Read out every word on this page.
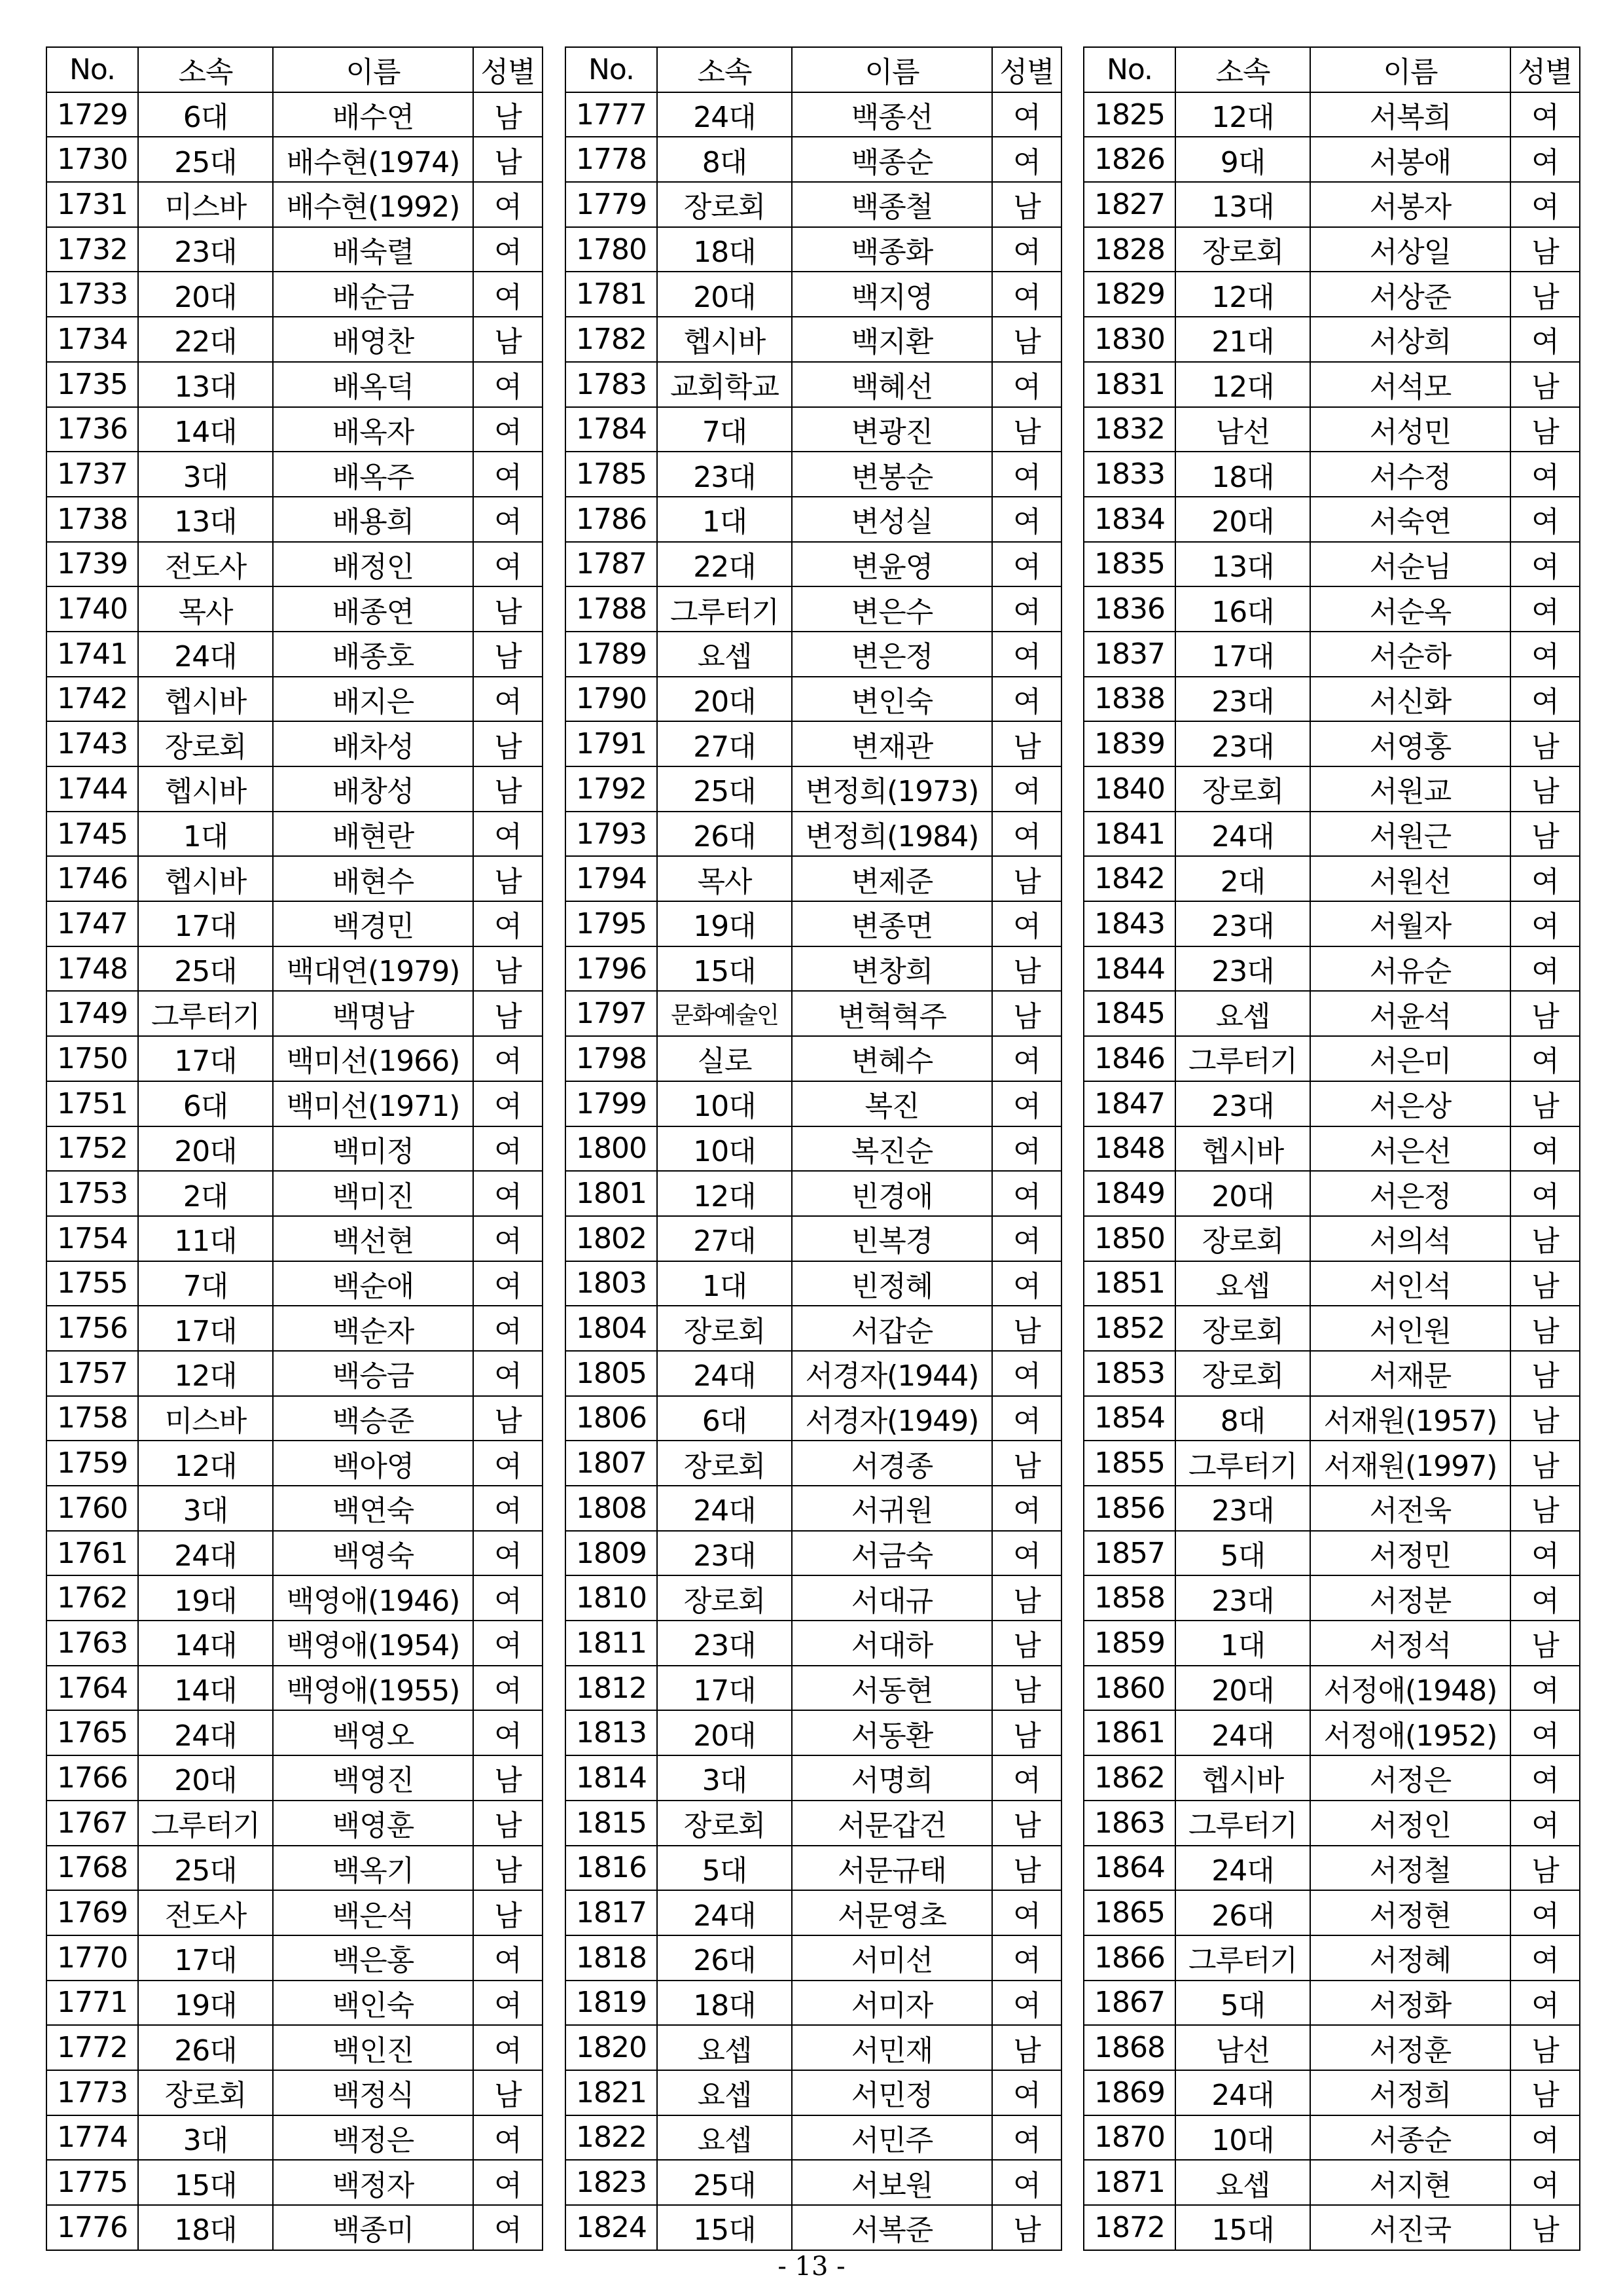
No.	소속	이름	성별
1729	6대	배수연	남
1730	25대	배수현(1974)	남
1731	미스바	배수현(1992)	여
1732	23대	배숙렬	여
1733	20대	배순금	여
1734	22대	배영찬	남
1735	13대	배옥덕	여
1736	14대	배옥자	여
1737	3대	배옥주	여
1738	13대	배용희	여
1739	전도사	배정인	여
1740	목사	배종연	남
1741	24대	배종호	남
1742	헵시바	배지은	여
1743	장로회	배차성	남
1744	헵시바	배창성	남
1745	1대	배현란	여
1746	헵시바	배현수	남
1747	17대	백경민	여
1748	25대	백대연(1979)	남
1749	그루터기	백명남	남
1750	17대	백미선(1966)	여
1751	6대	백미선(1971)	여
1752	20대	백미정	여
1753	2대	백미진	여
1754	11대	백선현	여
1755	7대	백순애	여
1756	17대	백순자	여
1757	12대	백승금	여
1758	미스바	백승준	남
1759	12대	백아영	여
1760	3대	백연숙	여
1761	24대	백영숙	여
1762	19대	백영애(1946)	여
1763	14대	백영애(1954)	여
1764	14대	백영애(1955)	여
1765	24대	백영오	여
1766	20대	백영진	남
1767	그루터기	백영훈	남
1768	25대	백옥기	남
1769	전도사	백은석	남
1770	17대	백은홍	여
1771	19대	백인숙	여
1772	26대	백인진	여
1773	장로회	백정식	남
1774	3대	백정은	여
1775	15대	백정자	여
1776	18대	백종미	여
No.	소속	이름	성별
1777	24대	백종선	여
1778	8대	백종순	여
1779	장로회	백종철	남
1780	18대	백종화	여
1781	20대	백지영	여
1782	헵시바	백지환	남
1783	교회학교	백혜선	여
1784	7대	변광진	남
1785	23대	변봉순	여
1786	1대	변성실	여
1787	22대	변윤영	여
1788	그루터기	변은수	여
1789	요셉	변은정	여
1790	20대	변인숙	여
1791	27대	변재관	남
1792	25대	변정희(1973)	여
1793	26대	변정희(1984)	여
1794	목사	변제준	남
1795	19대	변종면	여
1796	15대	변창희	남
1797	문화예술인	변혁혁주	남
1798	실로	변혜수	여
1799	10대	복진	여
1800	10대	복진순	여
1801	12대	빈경애	여
1802	27대	빈복경	여
1803	1대	빈정혜	여
1804	장로회	서갑순	남
1805	24대	서경자(1944)	여
1806	6대	서경자(1949)	여
1807	장로회	서경종	남
1808	24대	서귀원	여
1809	23대	서금숙	여
1810	장로회	서대규	남
1811	23대	서대하	남
1812	17대	서동현	남
1813	20대	서동환	남
1814	3대	서명희	여
1815	장로회	서문갑건	남
1816	5대	서문규태	남
1817	24대	서문영초	여
1818	26대	서미선	여
1819	18대	서미자	여
1820	요셉	서민재	남
1821	요셉	서민정	여
1822	요셉	서민주	여
1823	25대	서보원	여
1824	15대	서복준	남
No.	소속	이름	성별
1825	12대	서복희	여
1826	9대	서봉애	여
1827	13대	서봉자	여
1828	장로회	서상일	남
1829	12대	서상준	남
1830	21대	서상희	여
1831	12대	서석모	남
1832	남선	서성민	남
1833	18대	서수정	여
1834	20대	서숙연	여
1835	13대	서순님	여
1836	16대	서순옥	여
1837	17대	서순하	여
1838	23대	서신화	여
1839	23대	서영홍	남
1840	장로회	서원교	남
1841	24대	서원근	남
1842	2대	서원선	여
1843	23대	서월자	여
1844	23대	서유순	여
1845	요셉	서윤석	남
1846	그루터기	서은미	여
1847	23대	서은상	남
1848	헵시바	서은선	여
1849	20대	서은정	여
1850	장로회	서의석	남
1851	요셉	서인석	남
1852	장로회	서인원	남
1853	장로회	서재문	남
1854	8대	서재원(1957)	남
1855	그루터기	서재원(1997)	남
1856	23대	서전욱	남
1857	5대	서정민	여
1858	23대	서정분	여
1859	1대	서정석	남
1860	20대	서정애(1948)	여
1861	24대	서정애(1952)	여
1862	헵시바	서정은	여
1863	그루터기	서정인	여
1864	24대	서정철	남
1865	26대	서정현	여
1866	그루터기	서정혜	여
1867	5대	서정화	여
1868	남선	서정훈	남
1869	24대	서정희	남
1870	10대	서종순	여
1871	요셉	서지현	여
1872	15대	서진국	남
- 13 -
